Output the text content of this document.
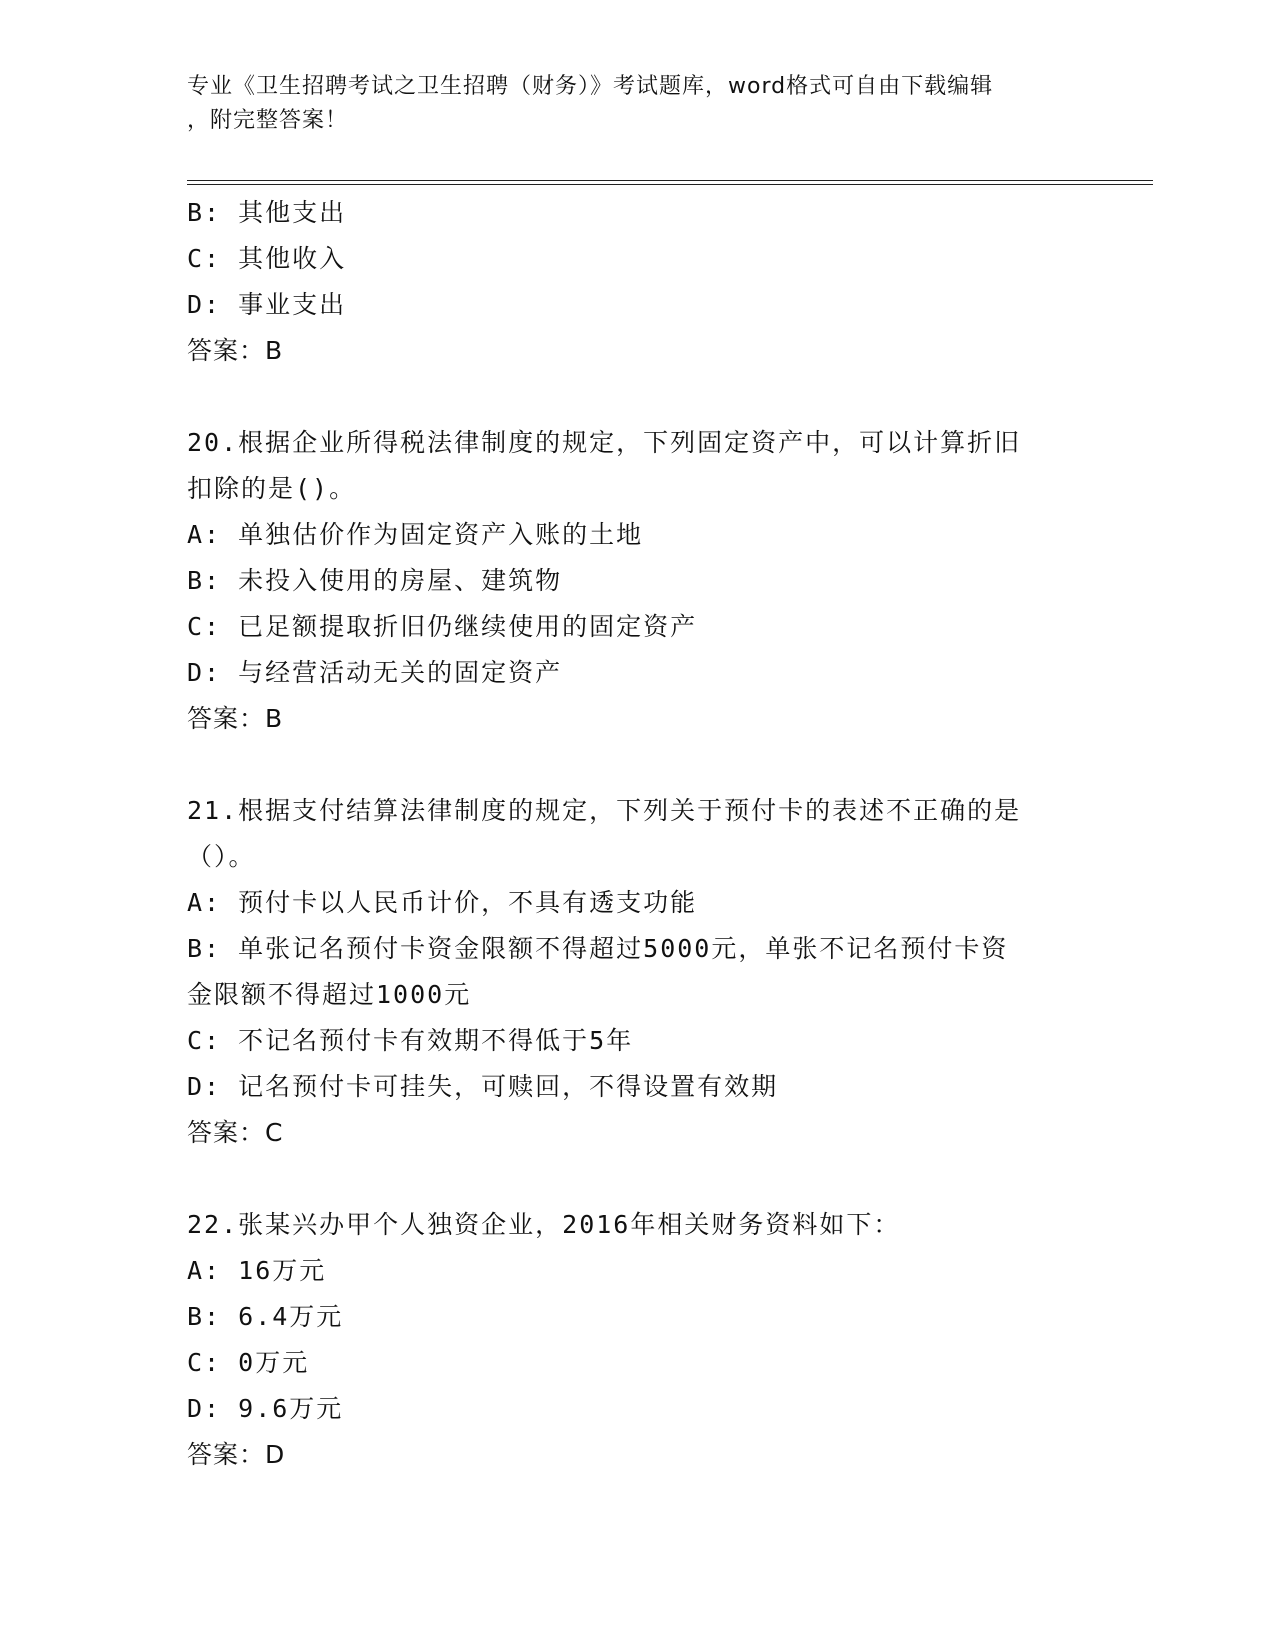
专业《卫生招聘考试之卫生招聘（财务）》考试题库，word格式可自由下载编辑
，附完整答案！
B: 其他支出
C: 其他收入
D: 事业支出
答案：B
20.根据企业所得税法律制度的规定，下列固定资产中，可以计算折旧
扣除的是()。
A: 单独估价作为固定资产入账的土地
B: 未投入使用的房屋、建筑物
C: 已足额提取折旧仍继续使用的固定资产
D: 与经营活动无关的固定资产
答案：B
21.根据支付结算法律制度的规定，下列关于预付卡的表述不正确的是
（）。
A: 预付卡以人民币计价，不具有透支功能
B: 单张记名预付卡资金限额不得超过5000元，单张不记名预付卡资
金限额不得超过1000元
C: 不记名预付卡有效期不得低于5年
D: 记名预付卡可挂失，可赎回，不得设置有效期
答案：C
22.张某兴办甲个人独资企业，2016年相关财务资料如下：
A: 16万元
B: 6.4万元
C: 0万元
D: 9.6万元
答案：D
